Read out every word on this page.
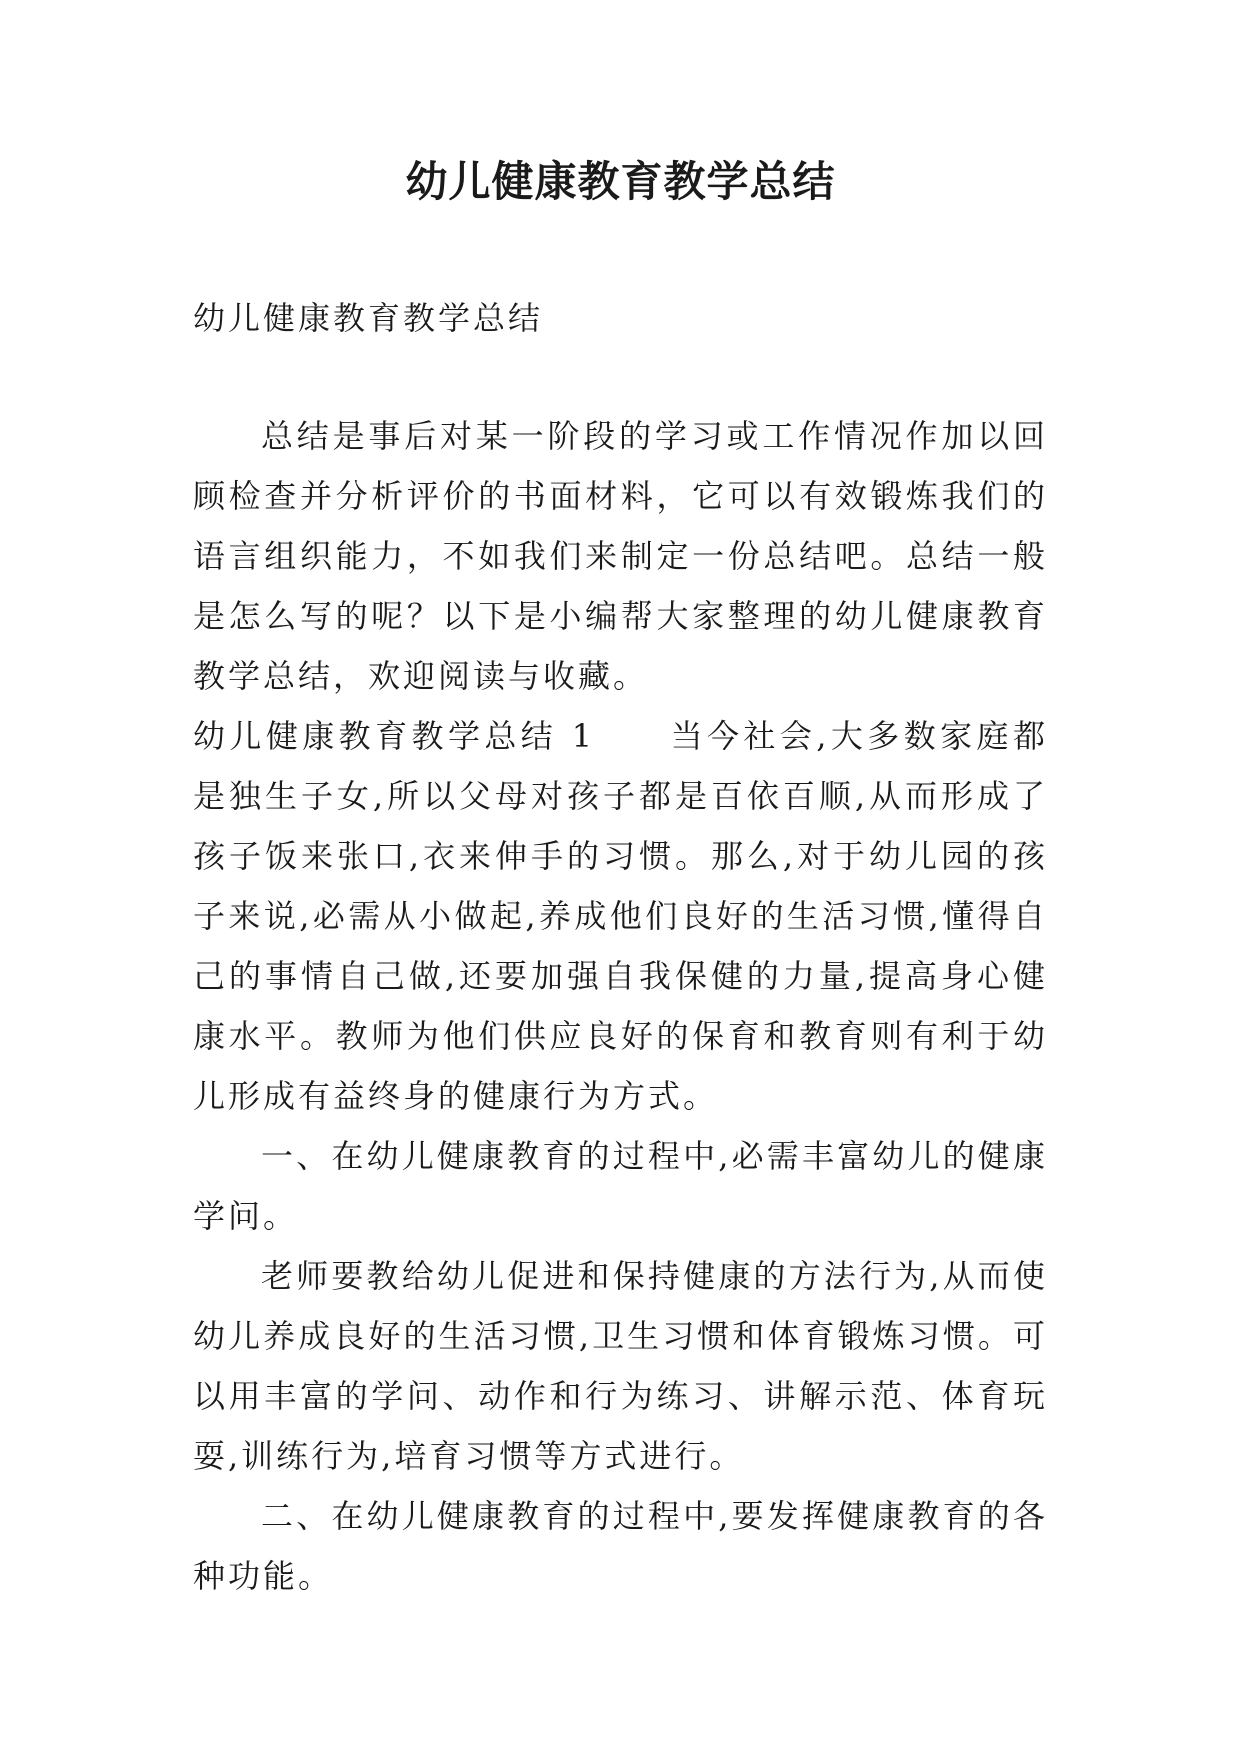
幼儿健康教育教学总结

幼儿健康教育教学总结

总结是事后对某一阶段的学习或工作情况作加以回顾检查并分析评价的书面材料，它可以有效锻炼我们的语言组织能力，不如我们来制定一份总结吧。总结一般是怎么写的呢？以下是小编帮大家整理的幼儿健康教育教学总结，欢迎阅读与收藏。

幼儿健康教育教学总结 1 当今社会,大多数家庭都是独生子女,所以父母对孩子都是百依百顺,从而形成了孩子饭来张口,衣来伸手的习惯。那么,对于幼儿园的孩子来说,必需从小做起,养成他们良好的生活习惯,懂得自己的事情自己做,还要加强自我保健的力量,提高身心健康水平。教师为他们供应良好的保育和教育则有利于幼儿形成有益终身的健康行为方式。

一、在幼儿健康教育的过程中,必需丰富幼儿的健康学问。

老师要教给幼儿促进和保持健康的方法行为,从而使幼儿养成良好的生活习惯,卫生习惯和体育锻炼习惯。可以用丰富的学问、动作和行为练习、讲解示范、体育玩耍,训练行为,培育习惯等方式进行。

二、在幼儿健康教育的过程中,要发挥健康教育的各种功能。
